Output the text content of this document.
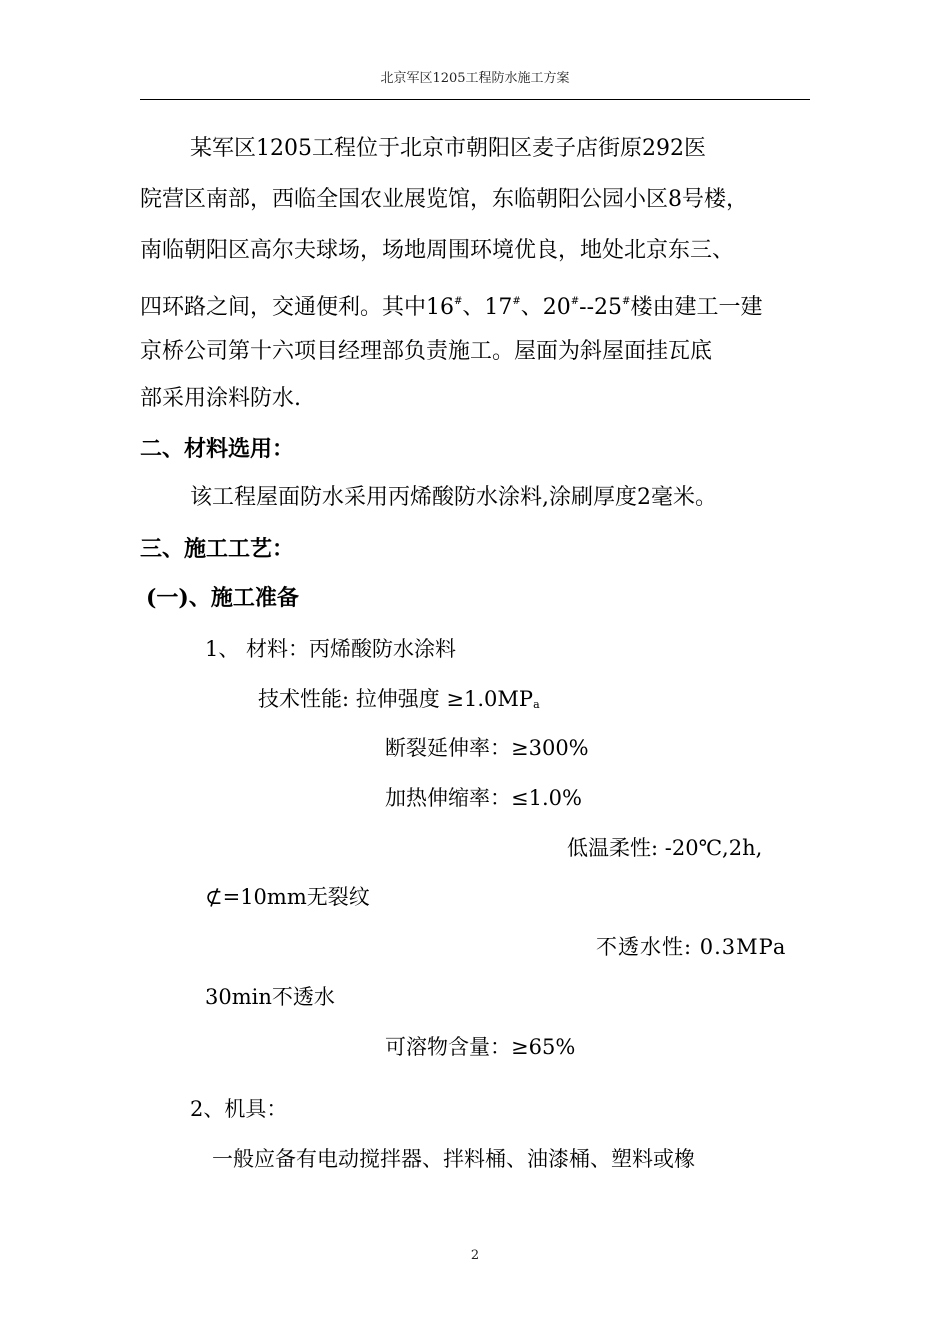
北京军区1205工程防水施工方案
某军区1205工程位于北京市朝阳区麦子店街原292医
院营区南部，西临全国农业展览馆，东临朝阳公园小区8号楼，
南临朝阳区高尔夫球场，场地周围环境优良，地处北京东三、
四环路之间，交通便利。其中16#、17#、20#--25#楼由建工一建
京桥公司第十六项目经理部负责施工。屋面为斜屋面挂瓦底
部采用涂料防水.
二、材料选用：
该工程屋面防水采用丙烯酸防水涂料,涂刷厚度2毫米。
三、施工工艺：
(一)、施工准备
1、 材料：丙烯酸防水涂料
技术性能: 拉伸强度 $\ge 1.0MP_a$
断裂延伸率：≥300%
加热伸缩率：≤1.0%
低温柔性: -20℃,2h,
⊄=10mm无裂纹
不透水性: 0.3MPa
30min不透水
可溶物含量：≥65%
2、机具：
一般应备有电动搅拌器、拌料桶、油漆桶、塑料或橡
2
